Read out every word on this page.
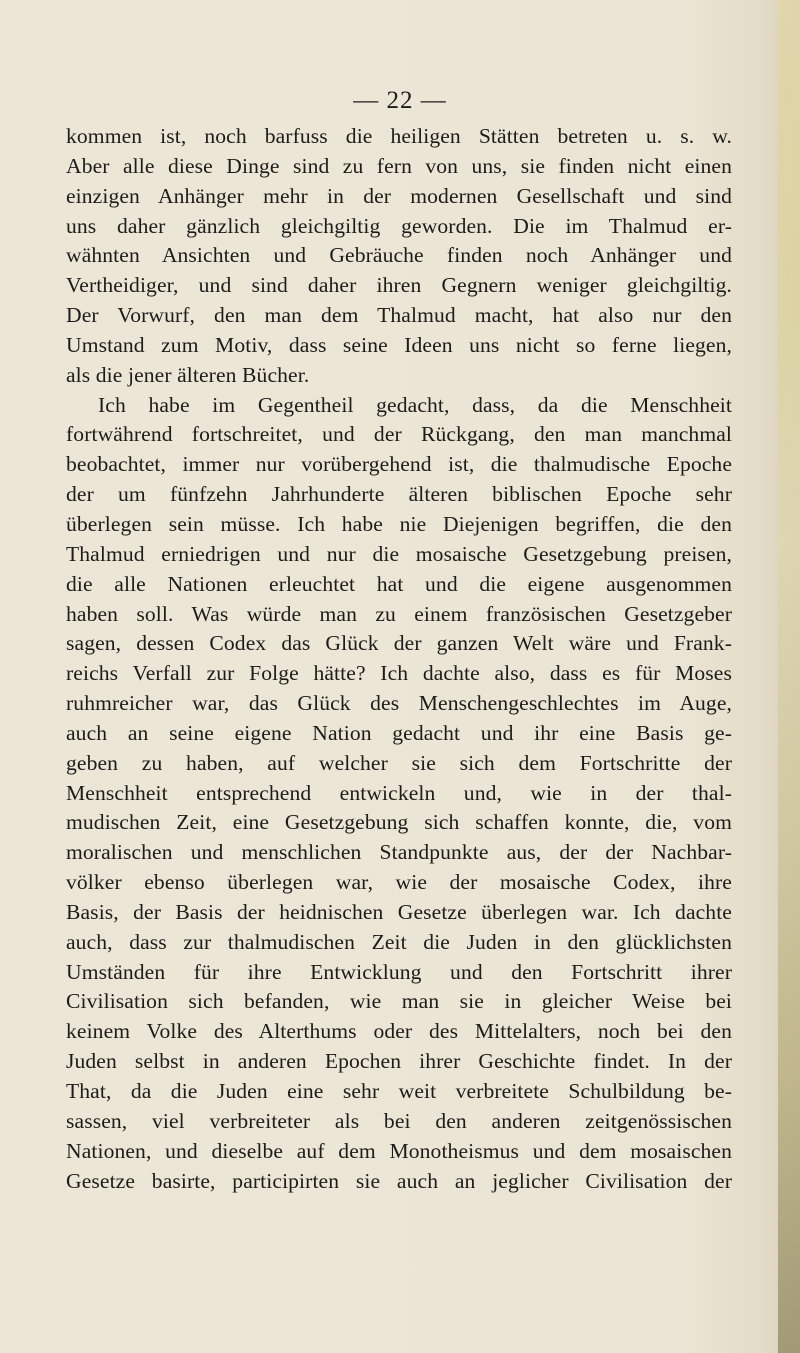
— 22 —
kommen ist, noch barfuss die heiligen Stätten betreten u. s. w.
Aber alle diese Dinge sind zu fern von uns, sie finden nicht einen
einzigen Anhänger mehr in der modernen Gesellschaft und sind
uns daher gänzlich gleichgiltig geworden. Die im Thalmud er-
wähnten Ansichten und Gebräuche finden noch Anhänger und
Vertheidiger, und sind daher ihren Gegnern weniger gleichgiltig.
Der Vorwurf, den man dem Thalmud macht, hat also nur den
Umstand zum Motiv, dass seine Ideen uns nicht so ferne liegen,
als die jener älteren Bücher.
Ich habe im Gegentheil gedacht, dass, da die Menschheit
fortwährend fortschreitet, und der Rückgang, den man manchmal
beobachtet, immer nur vorübergehend ist, die thalmudische Epoche
der um fünfzehn Jahrhunderte älteren biblischen Epoche sehr
überlegen sein müsse. Ich habe nie Diejenigen begriffen, die den
Thalmud erniedrigen und nur die mosaische Gesetzgebung preisen,
die alle Nationen erleuchtet hat und die eigene ausgenommen
haben soll. Was würde man zu einem französischen Gesetzgeber
sagen, dessen Codex das Glück der ganzen Welt wäre und Frank-
reichs Verfall zur Folge hätte? Ich dachte also, dass es für Moses
ruhmreicher war, das Glück des Menschengeschlechtes im Auge,
auch an seine eigene Nation gedacht und ihr eine Basis ge-
geben zu haben, auf welcher sie sich dem Fortschritte der
Menschheit entsprechend entwickeln und, wie in der thal-
mudischen Zeit, eine Gesetzgebung sich schaffen konnte, die, vom
moralischen und menschlichen Standpunkte aus, der der Nachbar-
völker ebenso überlegen war, wie der mosaische Codex, ihre
Basis, der Basis der heidnischen Gesetze überlegen war. Ich dachte
auch, dass zur thalmudischen Zeit die Juden in den glücklichsten
Umständen für ihre Entwicklung und den Fortschritt ihrer
Civilisation sich befanden, wie man sie in gleicher Weise bei
keinem Volke des Alterthums oder des Mittelalters, noch bei den
Juden selbst in anderen Epochen ihrer Geschichte findet. In der
That, da die Juden eine sehr weit verbreitete Schulbildung be-
sassen, viel verbreiteter als bei den anderen zeitgenössischen
Nationen, und dieselbe auf dem Monotheismus und dem mosaischen
Gesetze basirte, participirten sie auch an jeglicher Civilisation der
